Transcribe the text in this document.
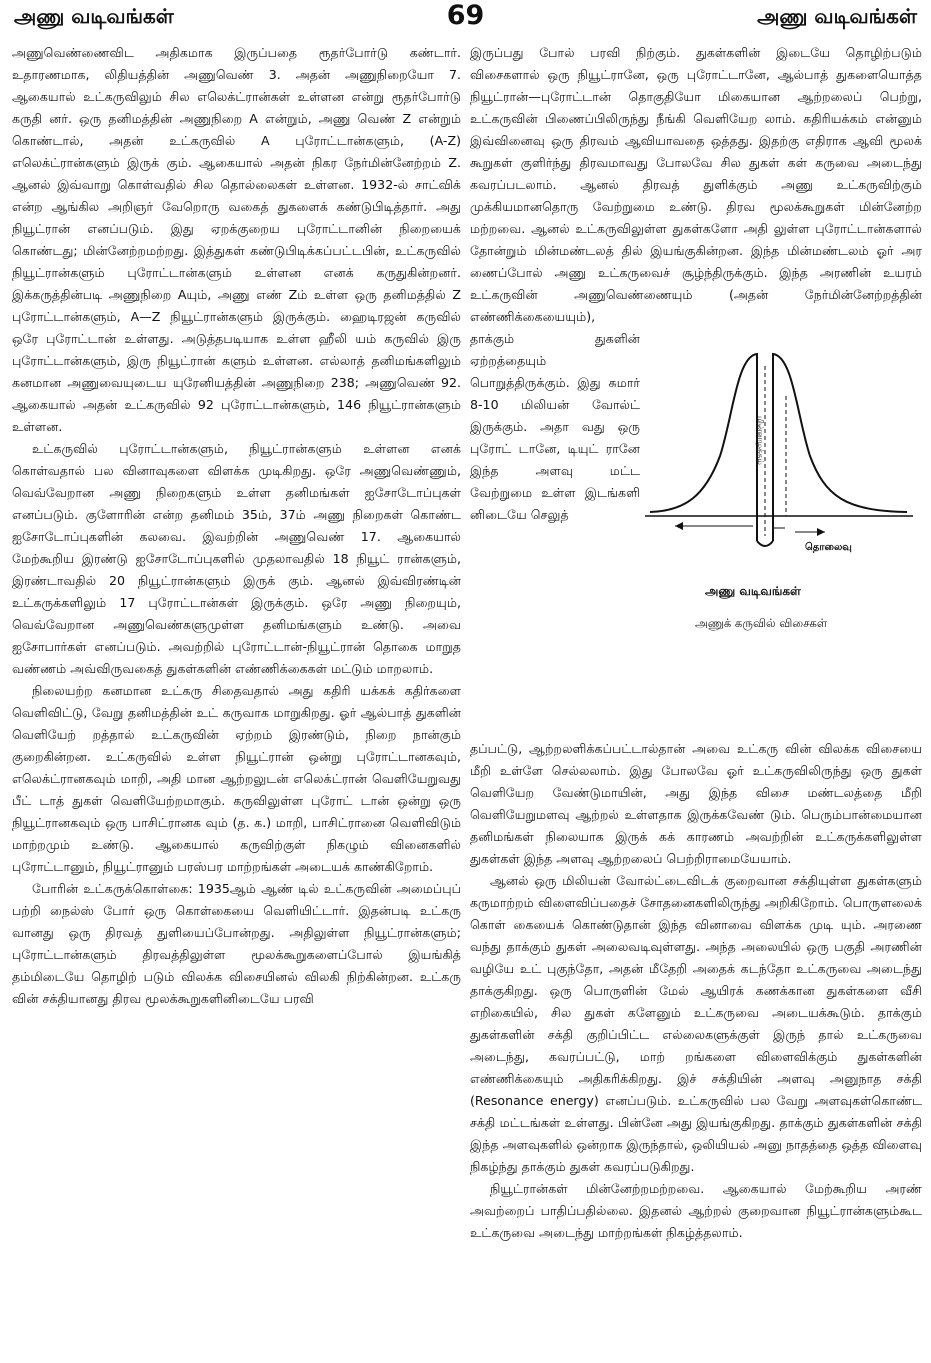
அணு வடிவங்கள்	69	அணு வடிவங்கள்

அணுவெண்ணைவிட அதிகமாக இருப்பதை ரூதர்போர்டு கண்டார். உதாரணமாக, லிதியத்தின் அணுவெண் 3. அதன் அணுநிறையோ 7. ஆகையால் உட்கருவிலும் சில எலெக்ட்ரான்கள் உள்ளன என்று ரூதர்போர்டு கருதி னர். ஒரு தனிமத்தின் அணுநிறை A என்றும், அணு வெண் Z என்றும் கொண்டால், அதன் உட்கருவில் A புரோட்டான்களும், (A-Z) எலெக்ட்ரான்களும் இருக் கும். ஆகையால் அதன் நிகர நேர்மின்னேற்றம் Z. ஆனல் இவ்வாறு கொள்வதில் சில தொல்லைகள் உள்ளன. 1932-ல் சாட்விக் என்ற ஆங்கில அறிஞர் வேறொரு வகைத் துகளைக் கண்டுபிடித்தார். அது நியூட்ரான் எனப்படும். இது ஏறக்குறைய புரோட்டானின் நிறையைக் கொண்டது; மின்னேற்றமற்றது. இத்துகள் கண்டுபிடிக்கப்பட்டபின், உட்கருவில் நியூட்ரான்களும் புரோட்டான்களும் உள்ளன எனக் கருதுகின்றனர். இக்கருத்தின்படி அணுநிறை Aயும், அணு எண் Zம் உள்ள ஒரு தனிமத்தில் Z புரோட்டான்களும், A—Z நியூட்ரான்களும் இருக்கும். ஹைடிரஜன் கருவில் ஒரே புரோட்டான் உள்ளது. அடுத்தபடியாக உள்ள ஹீலி யம் கருவில் இரு புரோட்டான்களும், இரு நியூட்ரான் களும் உள்ளன. எல்லாத் தனிமங்களிலும் கனமான அணுவையுடைய யுரேனியத்தின் அணுநிறை 238; அணுவெண் 92. ஆகையால் அதன் உட்கருவில் 92 புரோட்டான்களும், 146 நியூட்ரான்களும் உள்ளன.

உட்கருவில் புரோட்டான்களும், நியூட்ரான்களும் உள்ளன எனக் கொள்வதால் பல வினாவுகளை விளக்க முடிகிறது. ஒரே அணுவெண்ணும், வெவ்வேறான அணு நிறைகளும் உள்ள தனிமங்கள் ஐசோடோப்புகள் எனப்படும். குளோரின் என்ற தனிமம் 35ம், 37ம் அணு நிறைகள் கொண்ட ஐசோடோப்புகளின் கலவை. இவற்றின் அணுவெண் 17. ஆகையால் மேற்கூறிய இரண்டு ஐசோடோப்புகளில் முதலாவதில் 18 நியூட் ரான்களும், இரண்டாவதில் 20 நியூட்ரான்களும் இருக் கும். ஆனல் இவ்விரண்டின் உட்கருக்களிலும் 17 புரோட்டான்கள் இருக்கும். ஒரே அணு நிறையும், வெவ்வேறான அணுவெண்களுமுள்ள தனிமங்களும் உண்டு. அவை ஐசோபார்கள் எனப்படும். அவற்றில் புரோட்டான்-நியூட்ரான் தொகை மாறுத வண்ணம் அவ்விருவகைத் துகள்களின் எண்ணிக்கைகள் மட்டும் மாறலாம்.

நிலையற்ற கனமான உட்கரு சிதைவதால் அது கதிரி யக்கக் கதிர்களை வெளிவிட்டு, வேறு தனிமத்தின் உட் கருவாக மாறுகிறது. ஓர் ஆல்பாத் துகளின் வெளியேற் றத்தால் உட்கருவின் ஏற்றம் இரண்டும், நிறை நான்கும் குறைகின்றன. உட்கருவில் உள்ள நியூட்ரான் ஒன்று புரோட்டானகவும், எலெக்ட்ரானகவும் மாறி, அதி மான ஆற்றலுடன் எலெக்ட்ரான் வெளியேறுவது பீட் டாத் துகள் வெளியேற்றமாகும். கருவிலுள்ள புரோட் டான் ஒன்று ஒரு நியூட்ரானகவும் ஒரு பாசிட்ரானக வும் (த. க.) மாறி, பாசிட்ரானை வெளிவிடும் மாற்றமும் உண்டு. ஆகையால் கருவிற்குள் நிகழும் வினைகளில் புரோட்டானும், நியூட்ரானும் பரஸ்பர மாற்றங்கள் அடையக் காண்கிறோம்.

போரின் உட்கருக்கொள்கை: 1935ஆம் ஆண் டில் உட்கருவின் அமைப்புப் பற்றி நைல்ஸ் போர் ஒரு கொள்கையை வெளியிட்டார். இதன்படி உட்கரு வானது ஒரு திரவத் துளியைப்போன்றது. அதிலுள்ள நியூட்ரான்களும்; புரோட்டான்களும் திரவத்திலுள்ள மூலக்கூறுகளைப்போல் இயங்கித் தம்மிடையே தொழிற் படும் விலக்க விசையினல் விலகி நிற்கின்றன. உட்கரு வின் சக்தியானது திரவ மூலக்கூறுகளினிடையே பரவி

இருப்பது போல் பரவி நிற்கும். துகள்களின் இடையே தொழிற்படும் விசைகளால் ஒரு நியூட்ரானே, ஒரு புரோட்டானே, ஆல்பாத் துகளையொத்த நியூட்ரான்—புரோட்டான் தொகுதியோ மிகையான ஆற்றலைப் பெற்று, உட்கருவின் பிணைப்பிலிருந்து நீங்கி வெளியேற லாம். கதிரியக்கம் என்னும் இவ்வினைவு ஒரு திரவம் ஆவியாவதை ஒத்தது. இதற்கு எதிராக ஆவி மூலக் கூறுகள் குளிர்ந்து திரவமாவது போலவே சில துகள் கள் கருவை அடைந்து கவரப்படலாம். ஆனல் திரவத் துளிக்கும் அணு உட்கருவிற்கும் முக்கியமானதொரு வேற்றுமை உண்டு. திரவ மூலக்கூறுகள் மின்னேற்ற மற்றவை. ஆனல் உட்கருவிலுள்ள துகள்களோ அதி லுள்ள புரோட்டான்களால் தோன்றும் மின்மண்டலத் தில் இயங்குகின்றன. இந்த மின்மண்டலம் ஓர் அர ணைப்போல் அணு உட்கருவைச் சூழ்ந்திருக்கும். இந்த அரணின் உயரம் உட்கருவின் அணுவெண்ணையும் (அதன் நேர்மின்னேற்றத்தின் எண்ணிக்கையையும்),

தாக்கும் துகளின் ஏற்றத்தையும் பொறுத்திருக்கும். இது சுமார் 8-10 மிலியன் வோல்ட் இருக்கும். அதா வது ஒரு புரோட் டானே, டியுட் ரானே இந்த அளவு மட்ட வேற்றுமை உள்ள இடங்களி னிடையே செலுத்

மின்னழுத்தம்
தொலைவு
அணு வடிவங்கள்
அணுக் கருவில் விசைகள்

தப்பட்டு, ஆற்றலளிக்கப்பட்டால்தான் அவை உட்கரு வின் விலக்க விசையை மீறி உள்ளே செல்லலாம். இது போலவே ஓர் உட்கருவிலிருந்து ஒரு துகள் வெளியேற வேண்டுமாயின், அது இந்த விசை மண்டலத்தை மீறி வெளியேறுமளவு ஆற்றல் உள்ளதாக இருக்கவேண் டும். பெரும்பான்மையான தனிமங்கள் நிலையாக இருக் கக் காரணம் அவற்றின் உட்கருக்களிலுள்ள துகள்கள் இந்த அளவு ஆற்றலைப் பெற்றிராமையேயாம்.

ஆனல் ஒரு மிலியன் வோல்ட்டைவிடக் குறைவான சக்தியுள்ள துகள்களும் கருமாற்றம் விளைவிப்பதைச் சோதனைகளிலிருந்து அறிகிறோம். பொருளலைக் கொள் கையைக் கொண்டுதான் இந்த வினாவை விளக்க முடி யும். அரணை வந்து தாக்கும் துகள் அலைவடிவுள்ளது. அந்த அலையில் ஒரு பகுதி அரணின் வழியே உட் புகுந்தோ, அதன் மீதேறி அதைக் கடந்தோ உட்கருவை அடைந்து தாக்குகிறது. ஒரு பொருளின் மேல் ஆயிரக் கணக்கான துகள்களை வீசி எறிகையில், சில துகள் களேனும் உட்கருவை அடையக்கூடும். தாக்கும் துகள்களின் சக்தி குறிப்பிட்ட எல்லைகளுக்குள் இருந் தால் உட்கருவை அடைந்து, கவரப்பட்டு, மாற் றங்களை விளைவிக்கும் துகள்களின் எண்ணிக்கையும் அதிகரிக்கிறது. இச் சக்தியின் அளவு அனுநாத சக்தி (Resonance energy) எனப்படும். உட்கருவில் பல வேறு அளவுகள்கொண்ட சக்தி மட்டங்கள் உள்ளது. பின்னே அது இயங்குகிறது. தாக்கும் துகள்களின் சக்தி இந்த அளவுகளில் ஒன்றாக இருந்தால், ஒலியியல் அனு நாதத்தை ஒத்த விளைவு நிகழ்ந்து தாக்கும் துகள் கவரப்படுகிறது.

நியூட்ரான்கள் மின்னேற்றமற்றவை. ஆகையால் மேற்கூறிய அரண் அவற்றைப் பாதிப்பதில்லை. இதனல் ஆற்றல் குறைவான நியூட்ரான்களும்கூட உட்கருவை அடைந்து மாற்றங்கள் நிகழ்த்தலாம்.
